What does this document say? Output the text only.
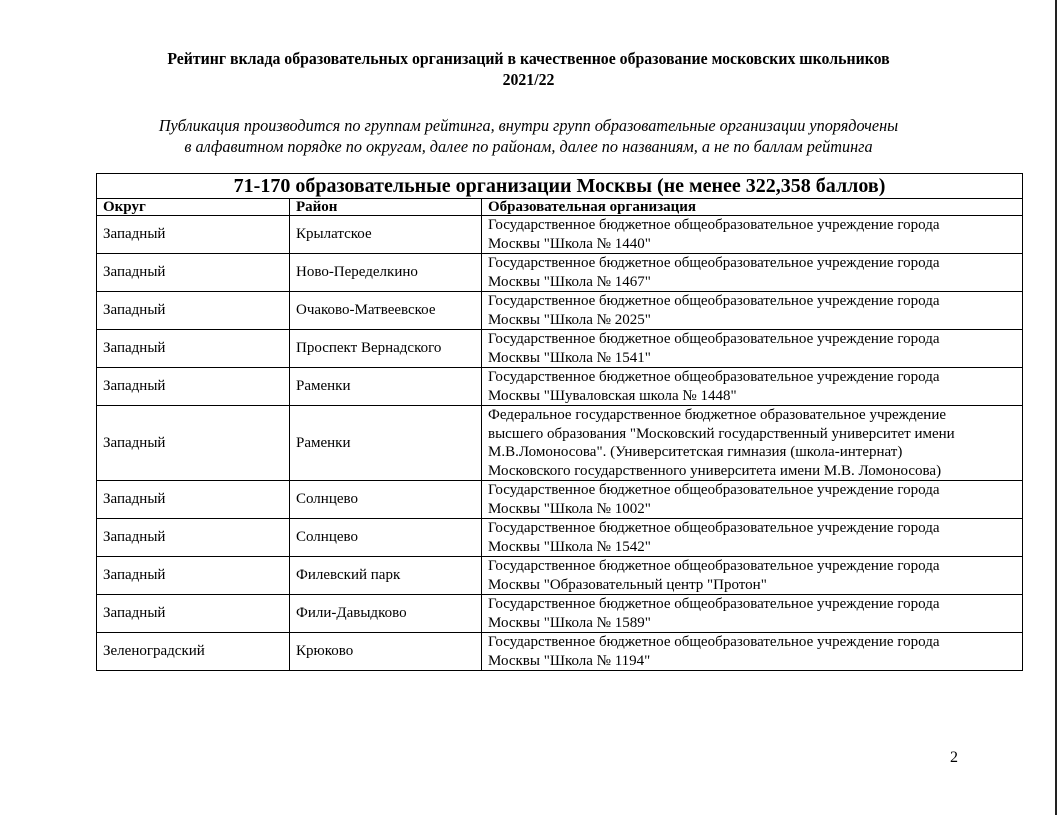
Рейтинг вклада образовательных организаций в качественное образование московских школьников
2021/22
Публикация производится по группам рейтинга, внутри групп образовательные организации упорядочены
в алфавитном порядке по округам, далее по районам, далее по названиям, а не по баллам рейтинга
71-170 образовательные организации Москвы (не менее 322,358 баллов)		
Округ	Район	Образовательная организация
Западный	Крылатское	Государственное бюджетное общеобразовательное учреждение города
Москвы "Школа № 1440"

Западный	Ново-Переделкино	Государственное бюджетное общеобразовательное учреждение города
Москвы "Школа № 1467"

Западный	Очаково-Матвеевское	Государственное бюджетное общеобразовательное учреждение города
Москвы "Школа № 2025"

Западный	Проспект Вернадского	Государственное бюджетное общеобразовательное учреждение города
Москвы "Школа № 1541"

Западный	Раменки	Государственное бюджетное общеобразовательное учреждение города
Москвы "Шуваловская школа № 1448"

Западный	Раменки	Федеральное государственное бюджетное образовательное учреждение
высшего образования "Московский государственный университет имени
М.В.Ломоносова". (Университетская гимназия (школа-интернат)
Московского государственного университета имени М.В. Ломоносова)

Западный	Солнцево	Государственное бюджетное общеобразовательное учреждение города
Москвы "Школа № 1002"

Западный	Солнцево	Государственное бюджетное общеобразовательное учреждение города
Москвы "Школа № 1542"

Западный	Филевский парк	Государственное бюджетное общеобразовательное учреждение города
Москвы "Образовательный центр "Протон"

Западный	Фили-Давыдково	Государственное бюджетное общеобразовательное учреждение города
Москвы "Школа № 1589"

Зеленоградский	Крюково	Государственное бюджетное общеобразовательное учреждение города
Москвы "Школа № 1194"
2
